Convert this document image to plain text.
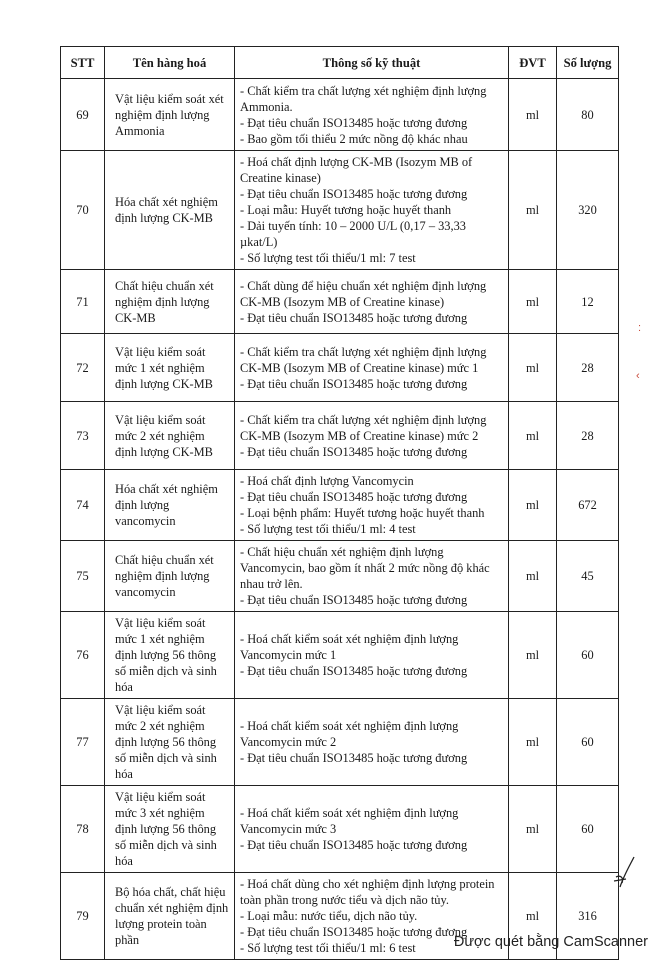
STT	Tên hàng hoá	Thông số kỹ thuật	ĐVT	Số lượng
69	Vật liệu kiểm soát xét nghiệm định lượng Ammonia	- Chất kiểm tra chất lượng xét nghiệm định lượng Ammonia.
- Đạt tiêu chuẩn ISO13485 hoặc tương đương
- Bao gồm tối thiểu 2 mức nồng độ khác nhau	ml	80
70	Hóa chất xét nghiệm định lượng CK-MB	- Hoá chất định lượng CK-MB (Isozym MB of Creatine kinase)
- Đạt tiêu chuẩn ISO13485 hoặc tương đương
- Loại mẫu: Huyết tương hoặc huyết thanh
- Dải tuyến tính: 10 – 2000 U/L (0,17 – 33,33 µkat/L)
- Số lượng test tối thiểu/1 ml: 7 test	ml	320
71	Chất hiệu chuẩn xét nghiệm định lượng CK-MB	- Chất dùng để hiệu chuẩn xét nghiệm định lượng CK-MB (Isozym MB of Creatine kinase)
- Đạt tiêu chuẩn ISO13485 hoặc tương đương	ml	12
72	Vật liệu kiểm soát mức 1 xét nghiệm định lượng CK-MB	- Chất kiểm tra chất lượng xét nghiệm định lượng CK-MB (Isozym MB of Creatine kinase) mức 1
- Đạt tiêu chuẩn ISO13485 hoặc tương đương	ml	28
73	Vật liệu kiểm soát mức 2 xét nghiệm định lượng CK-MB	- Chất kiểm tra chất lượng xét nghiệm định lượng CK-MB (Isozym MB of Creatine kinase) mức 2
- Đạt tiêu chuẩn ISO13485 hoặc tương đương	ml	28
74	Hóa chất xét nghiệm định lượng vancomycin	- Hoá chất định lượng Vancomycin
- Đạt tiêu chuẩn ISO13485 hoặc tương đương
- Loại bệnh phẩm: Huyết tương hoặc huyết thanh
- Số lượng test tối thiểu/1 ml: 4 test	ml	672
75	Chất hiệu chuẩn xét nghiệm định lượng vancomycin	- Chất hiệu chuẩn xét nghiệm định lượng Vancomycin, bao gồm ít nhất 2 mức nồng độ khác nhau trở lên.
- Đạt tiêu chuẩn ISO13485 hoặc tương đương	ml	45
76	Vật liệu kiểm soát mức 1 xét nghiệm định lượng 56 thông số miễn dịch và sinh hóa	- Hoá chất kiểm soát xét nghiệm định lượng Vancomycin mức 1
- Đạt tiêu chuẩn ISO13485 hoặc tương đương	ml	60
77	Vật liệu kiểm soát mức 2 xét nghiệm định lượng 56 thông số miễn dịch và sinh hóa	- Hoá chất kiểm soát xét nghiệm định lượng Vancomycin mức 2
- Đạt tiêu chuẩn ISO13485 hoặc tương đương	ml	60
78	Vật liệu kiểm soát mức 3 xét nghiệm định lượng 56 thông số miễn dịch và sinh hóa	- Hoá chất kiểm soát xét nghiệm định lượng Vancomycin mức 3
- Đạt tiêu chuẩn ISO13485 hoặc tương đương	ml	60
79	Bộ hóa chất, chất hiệu chuẩn xét nghiệm định lượng protein toàn phần	- Hoá chất dùng cho xét nghiệm định lượng protein toàn phần trong nước tiểu và dịch não tủy.
- Loại mẫu: nước tiểu, dịch não tủy.
- Đạt tiêu chuẩn ISO13485 hoặc tương đương
- Số lượng test tối thiểu/1 ml: 6 test	ml	316
:
‹
Được quét bằng CamScanner
